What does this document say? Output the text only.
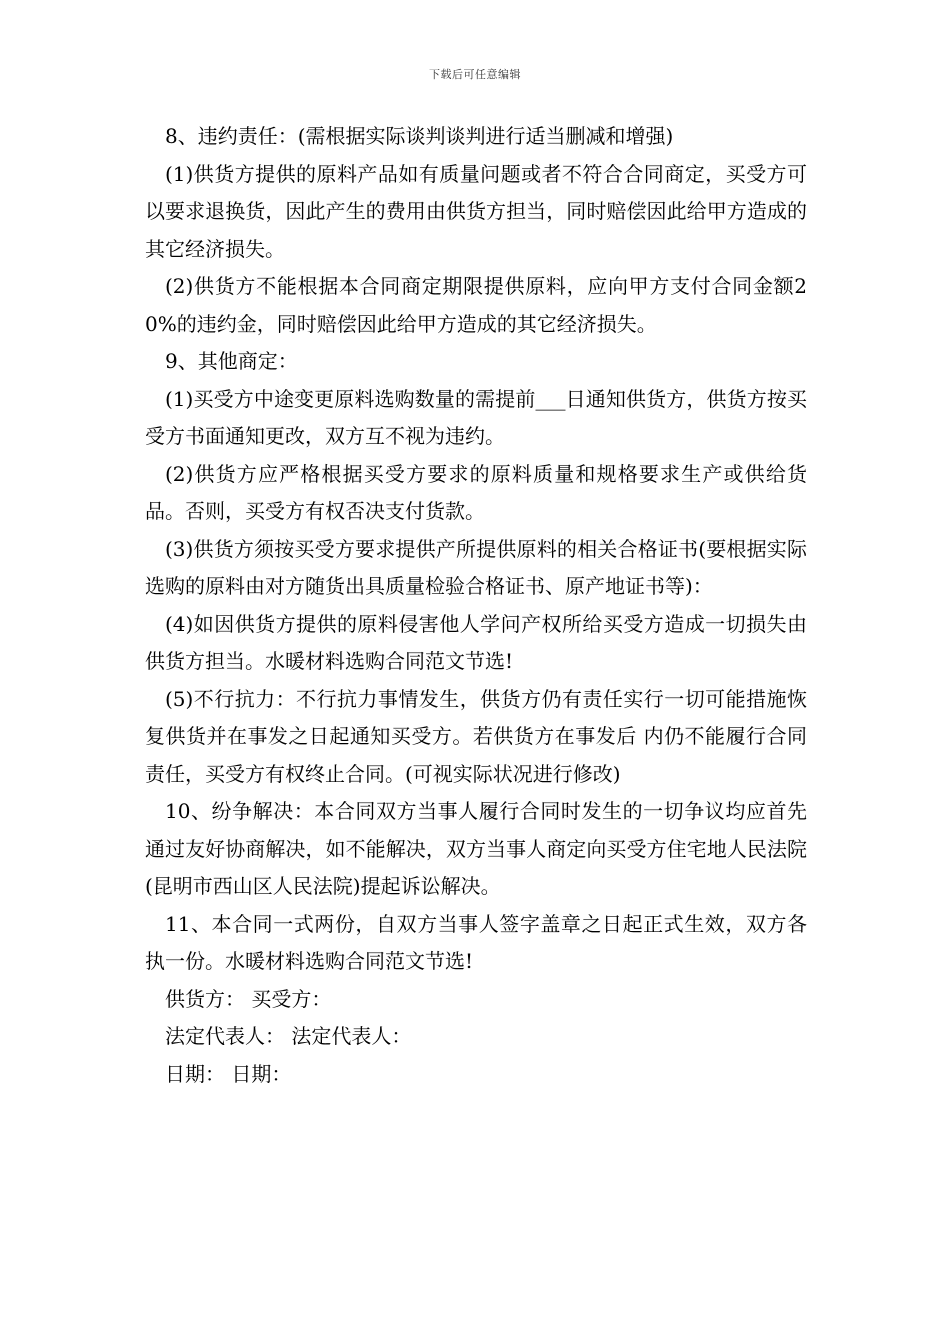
下载后可任意编辑

8、违约责任：(需根据实际谈判谈判进行适当删减和增强)

(1)供货方提供的原料产品如有质量问题或者不符合合同商定，买受方可以要求退换货，因此产生的费用由供货方担当，同时赔偿因此给甲方造成的其它经济损失。

(2)供货方不能根据本合同商定期限提供原料，应向甲方支付合同金额20%的违约金，同时赔偿因此给甲方造成的其它经济损失。

9、其他商定：

(1)买受方中途变更原料选购数量的需提前___日通知供货方，供货方按买受方书面通知更改，双方互不视为违约。

(2)供货方应严格根据买受方要求的原料质量和规格要求生产或供给货品。否则，买受方有权否决支付货款。

(3)供货方须按买受方要求提供产所提供原料的相关合格证书(要根据实际选购的原料由对方随货出具质量检验合格证书、原产地证书等)：

(4)如因供货方提供的原料侵害他人学问产权所给买受方造成一切损失由供货方担当。水暖材料选购合同范文节选!

(5)不行抗力：不行抗力事情发生，供货方仍有责任实行一切可能措施恢复供货并在事发之日起通知买受方。若供货方在事发后 内仍不能履行合同责任，买受方有权终止合同。(可视实际状况进行修改)

10、纷争解决：本合同双方当事人履行合同时发生的一切争议均应首先通过友好协商解决，如不能解决，双方当事人商定向买受方住宅地人民法院(昆明市西山区人民法院)提起诉讼解决。

11、本合同一式两份，自双方当事人签字盖章之日起正式生效，双方各执一份。水暖材料选购合同范文节选!

供货方： 买受方：

法定代表人： 法定代表人：

日期： 日期：
